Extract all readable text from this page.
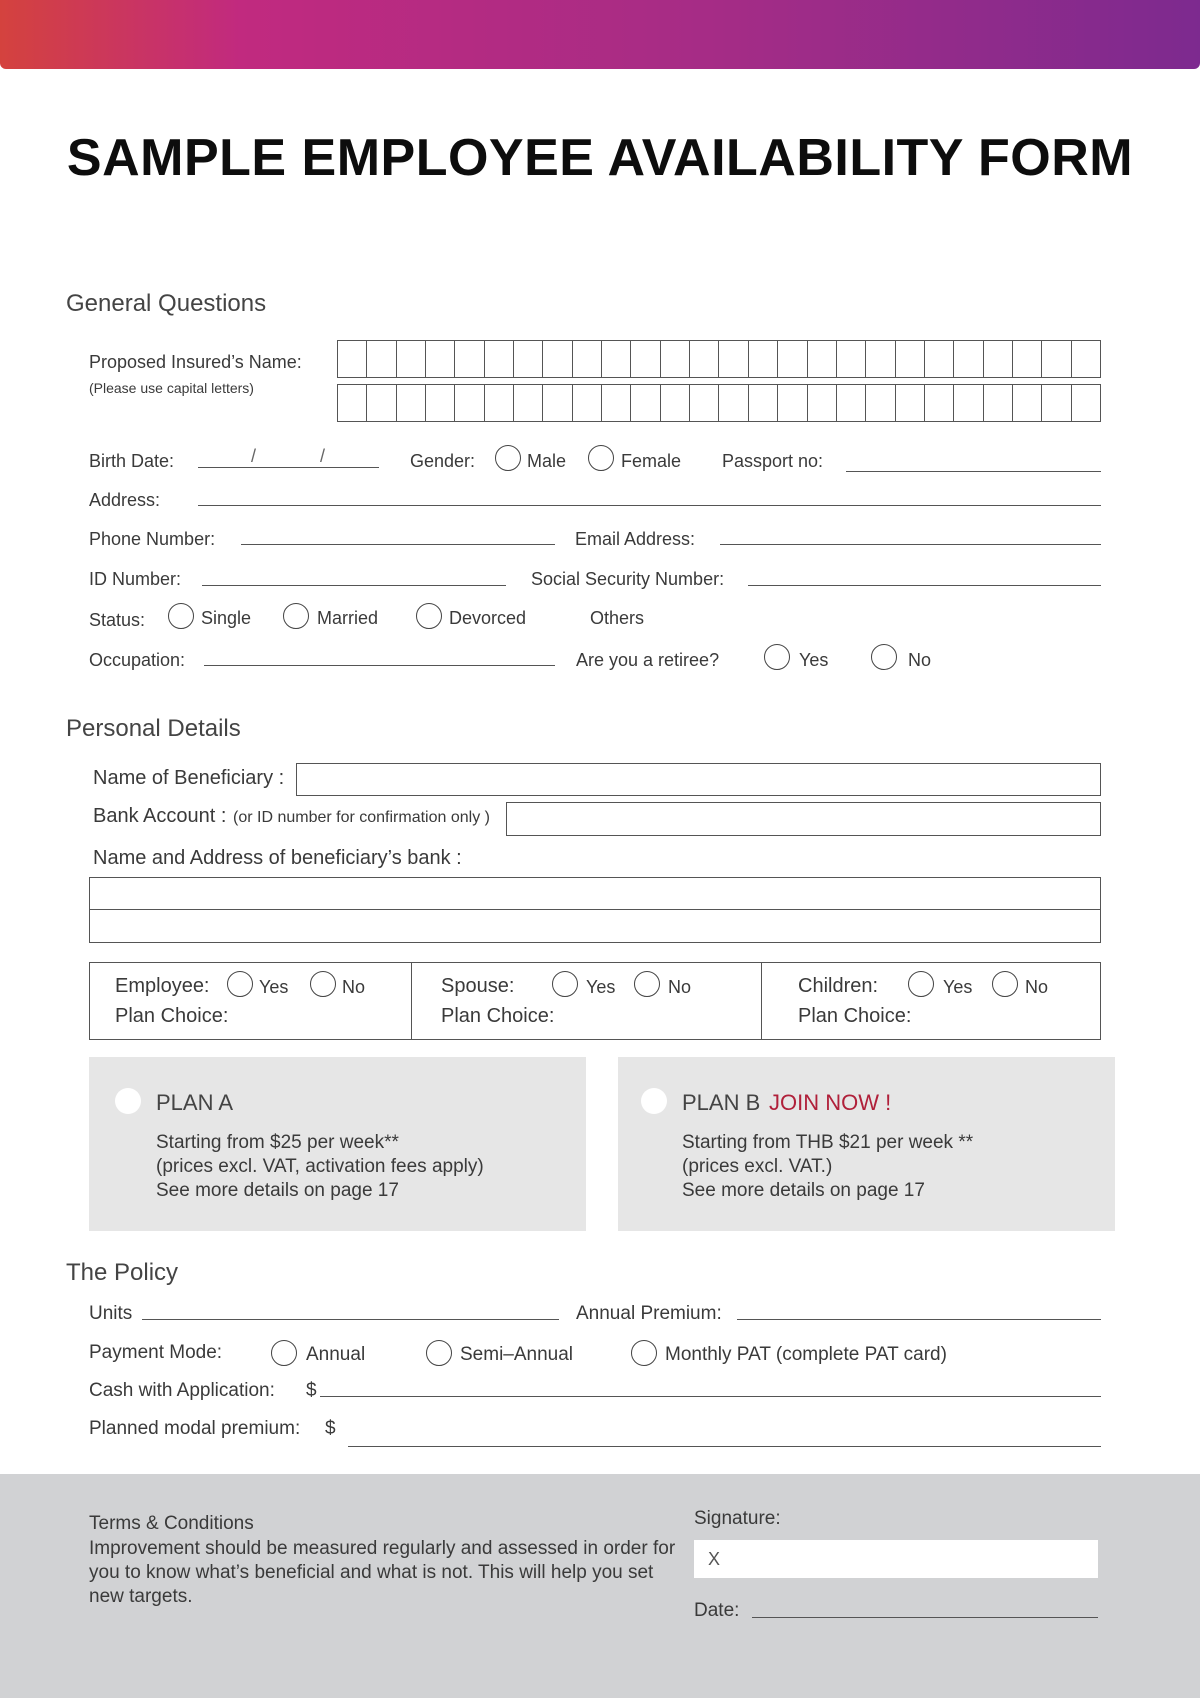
SAMPLE EMPLOYEE AVAILABILITY FORM
General Questions
Proposed Insured’s Name:
(Please use capital letters)
Birth Date:	/	/	Gender:	Male	Female Passport no:
Address:
Phone Number:	Email Address:
ID Number:	Social Security Number:
Status:	Single	Married	Devorced	Others
Occupation:	Are you a retiree?	Yes	No
Personal Details
Name of Beneficiary :
Bank Account : (or ID number for confirmation only )
Name and Address of beneficiary’s bank :
Employee:	Yes	No
Plan Choice:
Spouse:	Yes	No
Plan Choice:
Children:	Yes	No
Plan Choice:
PLAN A
Starting from $25 per week**
(prices excl. VAT, activation fees apply)
See more details on page 17
PLAN B JOIN NOW !
Starting from THB $21 per week **
(prices excl. VAT.)
See more details on page 17
The Policy
Units	Annual Premium:
Payment Mode:	Annual	Semi–Annual	Monthly PAT (complete PAT card)
Cash with Application: $
Planned modal premium: $
Terms & Conditions
Improvement should be measured regularly and assessed in order for you to know what’s beneficial and what is not. This will help you set new targets.
Signature:
X
Date:
